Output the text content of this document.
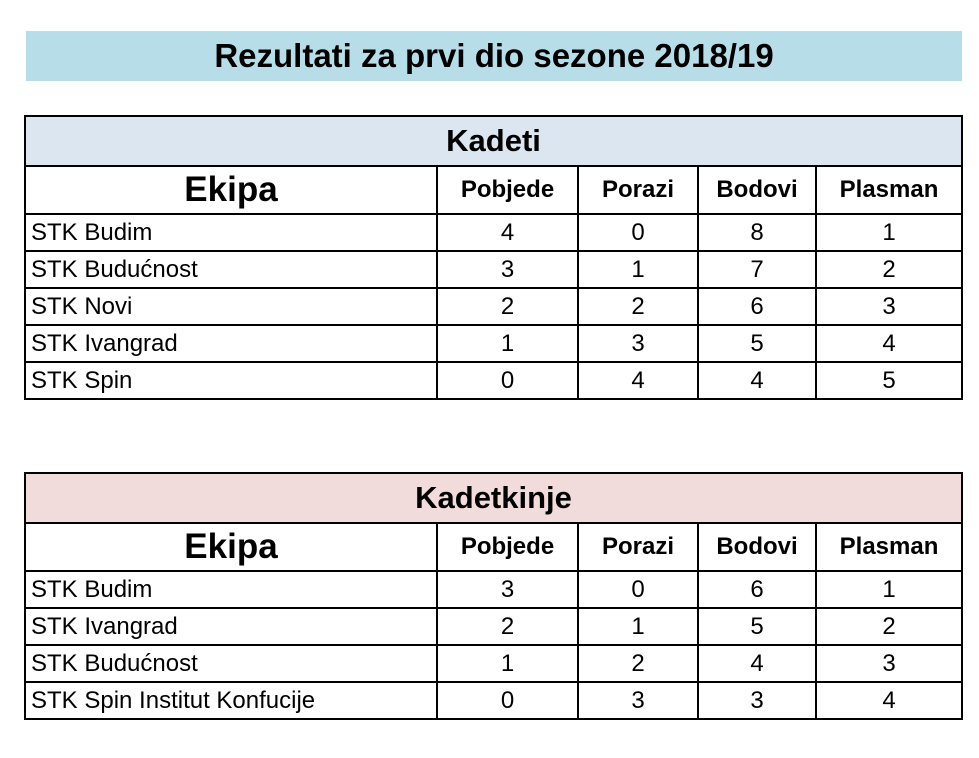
Rezultati za prvi dio sezone 2018/19
Kadeti				
Ekipa	Pobjede	Porazi	Bodovi	Plasman
STK Budim	4	0	8	1
STK Budućnost	3	1	7	2
STK Novi	2	2	6	3
STK Ivangrad	1	3	5	4
STK Spin	0	4	4	5
Kadetkinje				
Ekipa	Pobjede	Porazi	Bodovi	Plasman
STK Budim	3	0	6	1
STK Ivangrad	2	1	5	2
STK Budućnost	1	2	4	3
STK Spin Institut Konfucije	0	3	3	4
